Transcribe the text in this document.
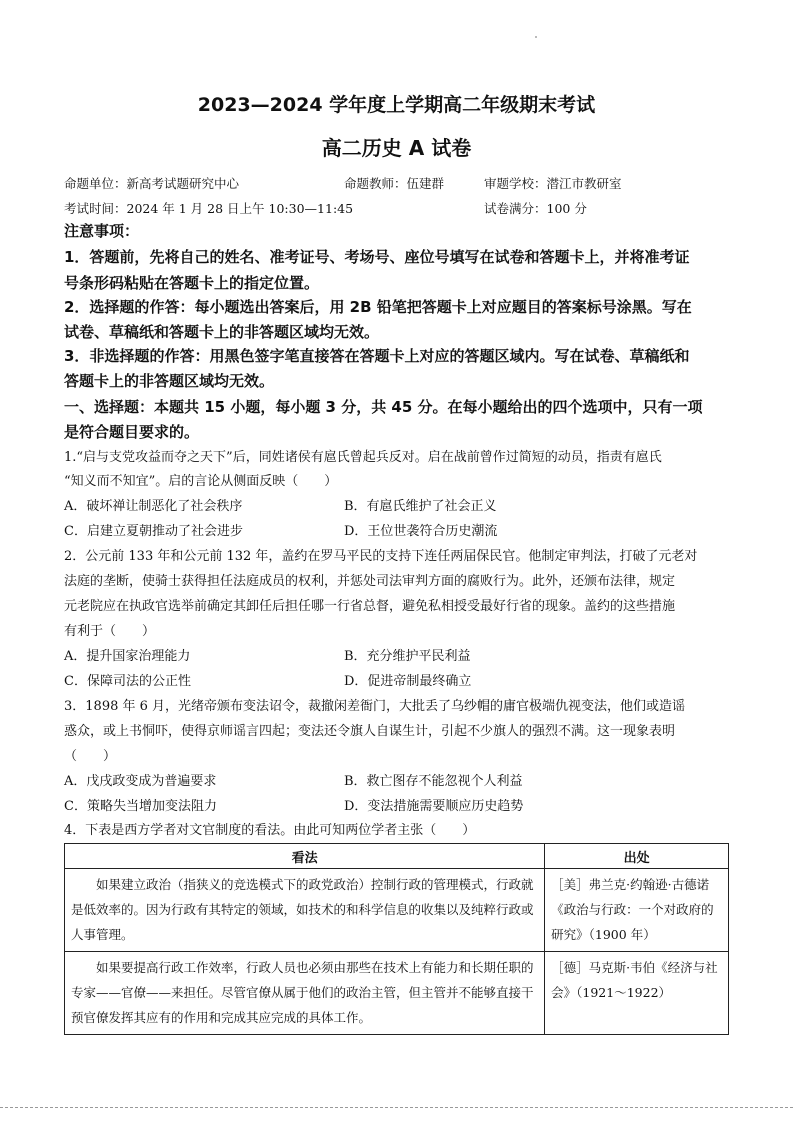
2023—2024 学年度上学期高二年级期末考试
高二历史 A 试卷
命题单位：新高考试题研究中心	命题教师：伍建群	审题学校：潜江市教研室
考试时间：2024 年 1 月 28 日上午 10:30—11:45	试卷满分：100 分
注意事项：
1．答题前，先将自己的姓名、准考证号、考场号、座位号填写在试卷和答题卡上，并将准考证
号条形码粘贴在答题卡上的指定位置。
2．选择题的作答：每小题选出答案后，用 2B 铅笔把答题卡上对应题目的答案标号涂黑。写在
试卷、草稿纸和答题卡上的非答题区域均无效。
3．非选择题的作答：用黑色签字笔直接答在答题卡上对应的答题区域内。写在试卷、草稿纸和
答题卡上的非答题区域均无效。
一、选择题：本题共 15 小题，每小题 3 分，共 45 分。在每小题给出的四个选项中，只有一项
是符合题目要求的。
1.“启与支党攻益而夺之天下”后，同姓诸侯有扈氏曾起兵反对。启在战前曾作过简短的动员，指责有扈氏
“知义而不知宜”。启的言论从侧面反映（　　）
A．破坏禅让制恶化了社会秩序	B．有扈氏维护了社会正义
C．启建立夏朝推动了社会进步	D．王位世袭符合历史潮流
2．公元前 133 年和公元前 132 年，盖约在罗马平民的支持下连任两届保民官。他制定审判法，打破了元老对
法庭的垄断，使骑士获得担任法庭成员的权利，并惩处司法审判方面的腐败行为。此外，还颁布法律，规定
元老院应在执政官选举前确定其卸任后担任哪一行省总督，避免私相授受最好行省的现象。盖约的这些措施
有利于（　　）
A．提升国家治理能力	B．充分维护平民利益
C．保障司法的公正性	D．促进帝制最终确立
3．1898 年 6 月，光绪帝颁布变法诏令，裁撤闲差衙门，大批丢了乌纱帽的庸官极端仇视变法，他们或造谣
惑众，或上书恫吓，使得京师谣言四起；变法还令旗人自谋生计，引起不少旗人的强烈不满。这一现象表明
（　　）
A．戊戌政变成为普遍要求	B．救亡图存不能忽视个人利益
C．策略失当增加变法阻力	D．变法措施需要顺应历史趋势
4．下表是西方学者对文官制度的看法。由此可知两位学者主张（　　）
看法	出处
如果建立政治（指狭义的竞选模式下的政党政治）控制行政的管理模式，行政就是低效率的。因为行政有其特定的领域，如技术的和科学信息的收集以及纯粹行政或人事管理。	［美］弗兰克·约翰逊·古德诺《政治与行政：一个对政府的研究》（1900 年）
如果要提高行政工作效率，行政人员也必须由那些在技术上有能力和长期任职的专家——官僚——来担任。尽管官僚从属于他们的政治主管，但主管并不能够直接干预官僚发挥其应有的作用和完成其应完成的具体工作。	［德］马克斯·韦伯《经济与社会》（1921～1922）
